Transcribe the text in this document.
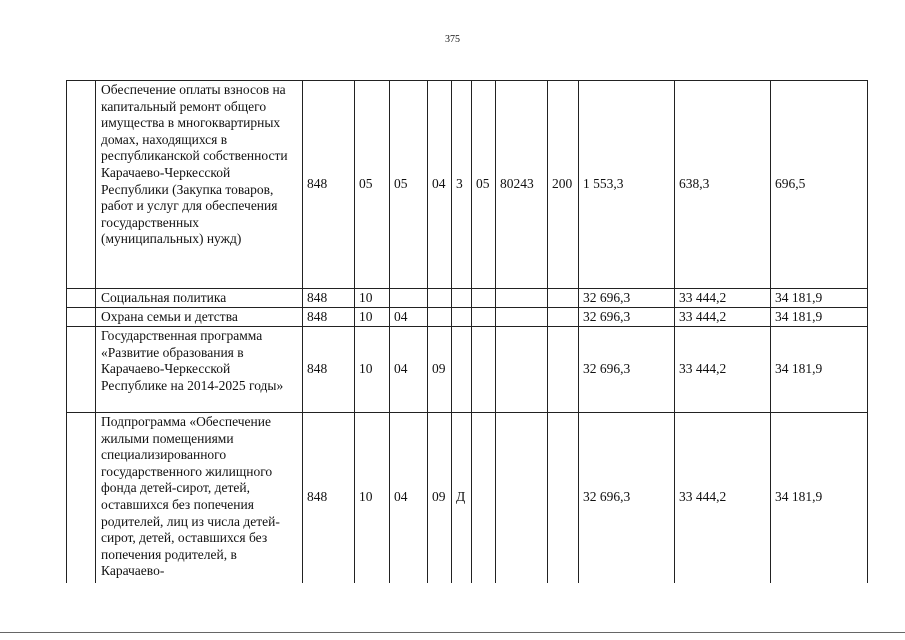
375
	Обеспечение оплаты взносов на капитальный ремонт общего имущества в многоквартирных домах, находящихся в республиканской собственности Карачаево-Черкесской Республики (Закупка товаров, работ и услуг для обеспечения государственных (муниципальных) нужд)	848	05	05	04	3	05	80243	200	1 553,3	638,3	696,5
	Социальная политика	848	10							32 696,3	33 444,2	34 181,9
	Охрана семьи и детства	848	10	04						32 696,3	33 444,2	34 181,9
	Государственная программа «Развитие образования в Карачаево-Черкесской Республике на 2014-2025 годы»	848	10	04	09					32 696,3	33 444,2	34 181,9
	Подпрограмма «Обеспечение жилыми помещениями специализированного государственного жилищного фонда детей-сирот, детей, оставшихся без попечения родителей, лиц из числа детей-сирот, детей, оставшихся без попечения родителей, в Карачаево-	848	10	04	09	Д				32 696,3	33 444,2	34 181,9
